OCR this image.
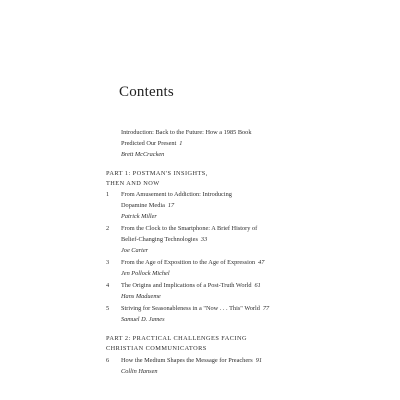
Contents
Introduction: Back to the Future: How a 1985 Book
Predicted Our Present 1
Brett McCracken
PART 1: POSTMAN'S INSIGHTS,
THEN AND NOW
1 From Amusement to Addiction: Introducing
Dopamine Media 17
Patrick Miller
2 From the Clock to the Smartphone: A Brief History of
Belief-Changing Technologies 33
Joe Carter
3 From the Age of Exposition to the Age of Expression 47
Jen Pollock Michel
4 The Origins and Implications of a Post-Truth World 61
Hans Madueme
5 Striving for Seasonableness in a "Now . . . This" World 77
Samuel D. James
PART 2: PRACTICAL CHALLENGES FACING
CHRISTIAN COMMUNICATORS
6 How the Medium Shapes the Message for Preachers 91
Collin Hansen
